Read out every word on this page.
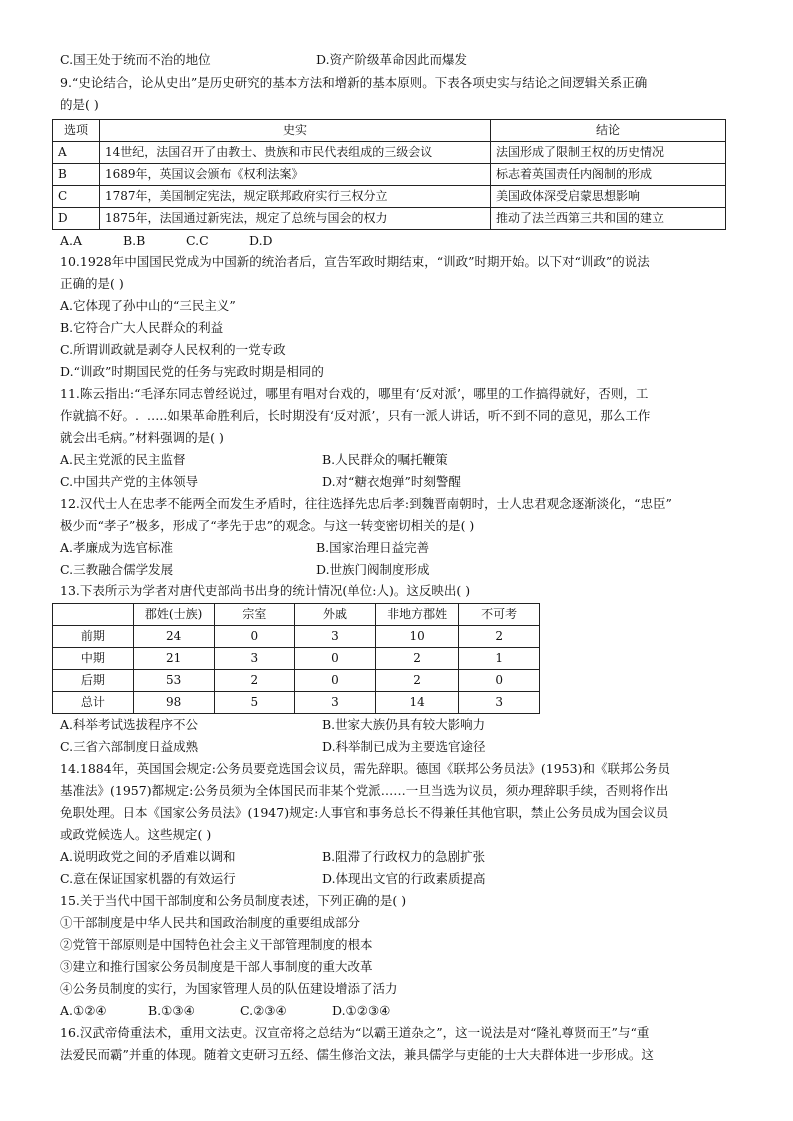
C.国王处于统而不治的地位	D.资产阶级革命因此而爆发
9.“史论结合，论从史出”是历史研究的基本方法和增新的基本原则。下表各项史实与结论之间逻辑关系正确
的是( )
选项	史实	结论
A	14世纪，法国召开了由教士、贵族和市民代表组成的三级会议	法国形成了限制王权的历史情况
B	1689年，英国议会颁布《权利法案》	标志着英国责任内阁制的形成
C	1787年，美国制定宪法，规定联邦政府实行三权分立	美国政体深受启蒙思想影响
D	1875年，法国通过新宪法，规定了总统与国会的权力	推动了法兰西第三共和国的建立
A.A	B.B	C.C	D.D
10.1928年中国国民党成为中国新的统治者后，宣告军政时期结束，“训政”时期开始。以下对“训政”的说法
正确的是( )
A.它体现了孙中山的“三民主义”
B.它符合广大人民群众的利益
C.所谓训政就是剥夺人民权利的一党专政
D.“训政”时期国民党的任务与宪政时期是相同的
11.陈云指出:“毛泽东同志曾经说过，哪里有唱对台戏的，哪里有‘反对派’，哪里的工作搞得就好，否则，工
作就搞不好。.  …..如果革命胜利后，长时期没有‘反对派’，只有一派人讲话，听不到不同的意见，那么工作
就会出毛病。”材料强调的是( )
A.民主党派的民主监督	B.人民群众的嘱托鞭策
C.中国共产党的主体领导	D.对“糖衣炮弹”时刻警醒
12.汉代士人在忠孝不能两全而发生矛盾时，往往选择先忠后孝:到魏晋南朝时，士人忠君观念逐渐淡化，“忠臣”
极少而“孝子”极多，形成了“孝先于忠”的观念。与这一转变密切相关的是( )
A.孝廉成为选官标准	B.国家治理日益完善
C.三教融合儒学发展	D.世族门阀制度形成
13.下表所示为学者对唐代吏部尚书出身的统计情况(单位:人)。这反映出( )
	郡姓(士族)	宗室	外戚	非地方郡姓	不可考
前期	24	0	3	10	2
中期	21	3	0	2	1
后期	53	2	0	2	0
总计	98	5	3	14	3
A.科举考试选拔程序不公	B.世家大族仍具有较大影响力
C.三省六部制度日益成熟	D.科举制已成为主要选官途径
14.1884年，英国国会规定:公务员要竞选国会议员，需先辞职。德国《联邦公务员法》(1953)和《联邦公务员
基准法》(1957)都规定:公务员须为全体国民而非某个党派……一旦当选为议员，须办理辞职手续，否则将作出
免职处理。日本《国家公务员法》(1947)规定:人事官和事务总长不得兼任其他官职，禁止公务员成为国会议员
或政党候选人。这些规定( )
A.说明政党之间的矛盾难以调和	B.阻滞了行政权力的急剧扩张
C.意在保证国家机器的有效运行	D.体现出文官的行政素质提高
15.关于当代中国干部制度和公务员制度表述，下列正确的是( )
①干部制度是中华人民共和国政治制度的重要组成部分
②党管干部原则是中国特色社会主义干部管理制度的根本
③建立和推行国家公务员制度是干部人事制度的重大改革
④公务员制度的实行，为国家管理人员的队伍建设增添了活力
A.①②④	B.①③④	C.②③④	D.①②③④
16.汉武帝倚重法术，重用文法吏。汉宣帝将之总结为“以霸王道杂之”，这一说法是对“隆礼尊贤而王”与“重
法爱民而霸”并重的体现。随着文吏研习五经、儒生修治文法，兼具儒学与吏能的士大夫群体进一步形成。这
